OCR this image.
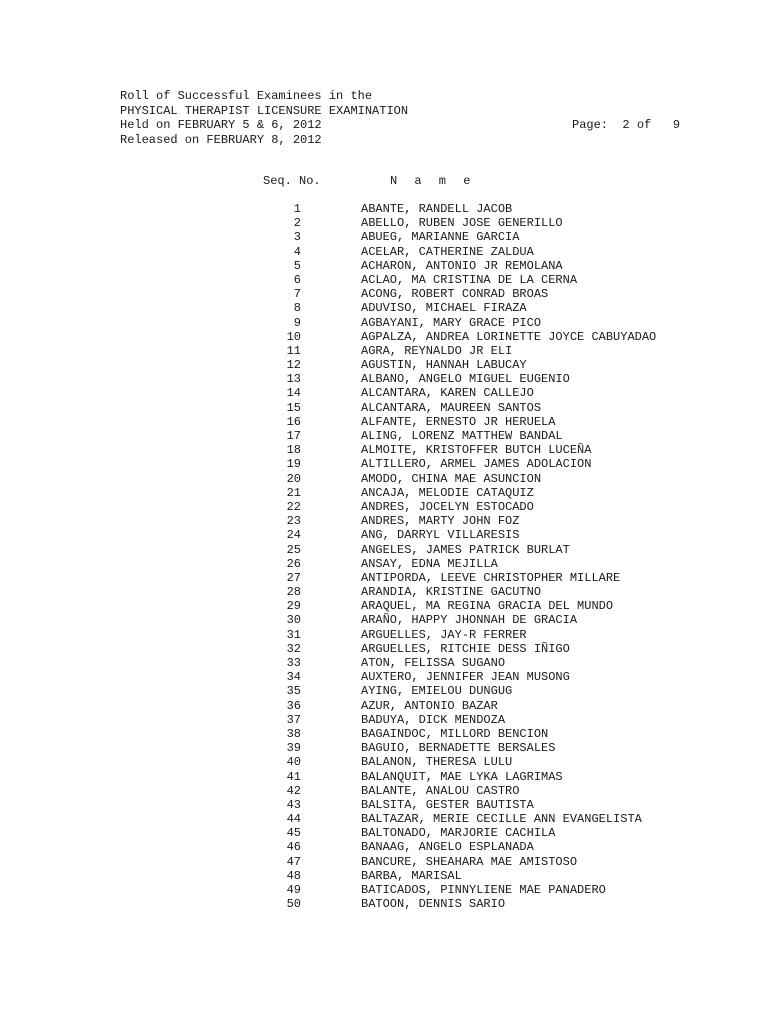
Roll of Successful Examinees in the
PHYSICAL THERAPIST LICENSURE EXAMINATION
Held on FEBRUARY 5 & 6, 2012
Released on FEBRUARY 8, 2012
Page: 2 of 9
Seq. No.	N a m e
1	ABANTE, RANDELL JACOB
2	ABELLO, RUBEN JOSE GENERILLO
3	ABUEG, MARIANNE GARCIA
4	ACELAR, CATHERINE ZALDUA
5	ACHARON, ANTONIO JR REMOLANA
6	ACLAO, MA CRISTINA DE LA CERNA
7	ACONG, ROBERT CONRAD BROAS
8	ADUVISO, MICHAEL FIRAZA
9	AGBAYANI, MARY GRACE PICO
10	AGPALZA, ANDREA LORINETTE JOYCE CABUYADAO
11	AGRA, REYNALDO JR ELI
12	AGUSTIN, HANNAH LABUCAY
13	ALBANO, ANGELO MIGUEL EUGENIO
14	ALCANTARA, KAREN CALLEJO
15	ALCANTARA, MAUREEN SANTOS
16	ALFANTE, ERNESTO JR HERUELA
17	ALING, LORENZ MATTHEW BANDAL
18	ALMOITE, KRISTOFFER BUTCH LUCEÑA
19	ALTILLERO, ARMEL JAMES ADOLACION
20	AMODO, CHINA MAE ASUNCION
21	ANCAJA, MELODIE CATAQUIZ
22	ANDRES, JOCELYN ESTOCADO
23	ANDRES, MARTY JOHN FOZ
24	ANG, DARRYL VILLARESIS
25	ANGELES, JAMES PATRICK BURLAT
26	ANSAY, EDNA MEJILLA
27	ANTIPORDA, LEEVE CHRISTOPHER MILLARE
28	ARANDIA, KRISTINE GACUTNO
29	ARAQUEL, MA REGINA GRACIA DEL MUNDO
30	ARAÑO, HAPPY JHONNAH DE GRACIA
31	ARGUELLES, JAY-R FERRER
32	ARGUELLES, RITCHIE DESS IÑIGO
33	ATON, FELISSA SUGANO
34	AUXTERO, JENNIFER JEAN MUSONG
35	AYING, EMIELOU DUNGUG
36	AZUR, ANTONIO BAZAR
37	BADUYA, DICK MENDOZA
38	BAGAINDOC, MILLORD BENCION
39	BAGUIO, BERNADETTE BERSALES
40	BALANON, THERESA LULU
41	BALANQUIT, MAE LYKA LAGRIMAS
42	BALANTE, ANALOU CASTRO
43	BALSITA, GESTER BAUTISTA
44	BALTAZAR, MERIE CECILLE ANN EVANGELISTA
45	BALTONADO, MARJORIE CACHILA
46	BANAAG, ANGELO ESPLANADA
47	BANCURE, SHEAHARA MAE AMISTOSO
48	BARBA, MARISAL
49	BATICADOS, PINNYLIENE MAE PANADERO
50	BATOON, DENNIS SARIO
